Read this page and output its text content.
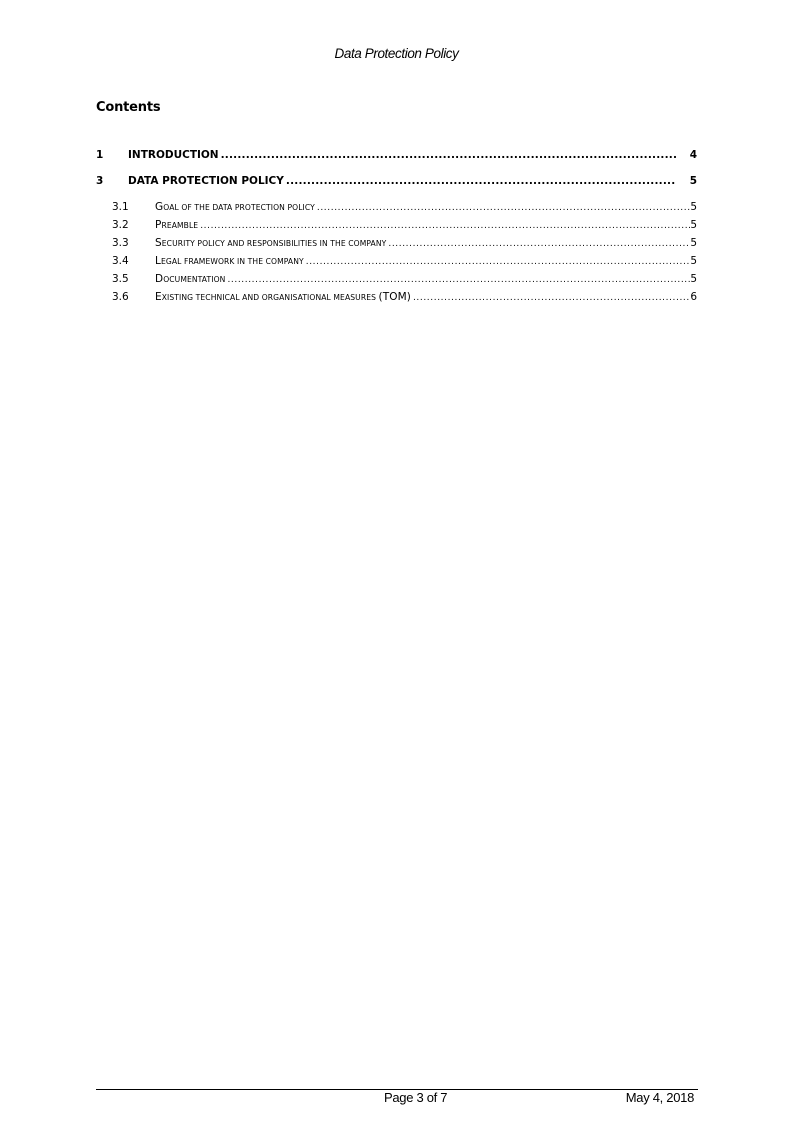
Data Protection Policy
Contents
1	INTRODUCTION .....	4
3	DATA PROTECTION POLICY .....	5
3.1	GOAL OF THE DATA PROTECTION POLICY .....	5
3.2	PREAMBLE .....	5
3.3	SECURITY POLICY AND RESPONSIBILITIES IN THE COMPANY .....	5
3.4	LEGAL FRAMEWORK IN THE COMPANY .....	5
3.5	DOCUMENTATION .....	5
3.6	EXISTING TECHNICAL AND ORGANISATIONAL MEASURES (TOM) .....	6
Page 3 of 7	May 4, 2018
